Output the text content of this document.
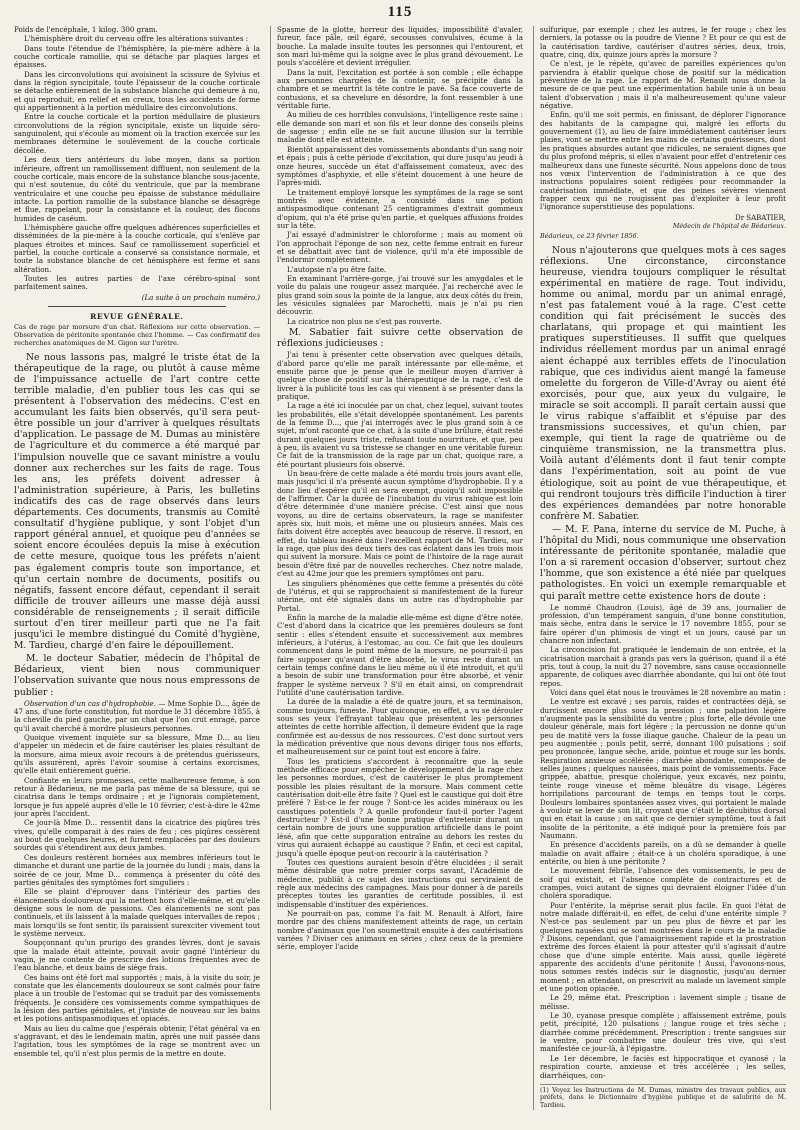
115

Poids de l'encéphale, 1 kilog. 300 gram.

L'hémisphère droit du cerveau offre les altérations suivantes :

Dans toute l'étendue de l'hémisphère, la pie-mère adhère à la couche corticale ramollie, qui se détache par plaques larges et épaisses.

Dans les circonvolutions qui avoisinent la scissure de Sylvius et dans la région syncipitale, toute l'épaisseur de la couche corticale se détache entièrement de la substance blanche qui demeure à nu, et qui reproduit, en relief et en creux, tous les accidents de forme qui appartiennent à la portion médullaire des circonvolutions.

Entre la couche corticale et la portion médullaire de plusieurs circonvolutions de la région syncipitale, existe un liquide séro-sanguinolent, qui s'écoule au moment où la traction exercée sur les membranes détermine le soulèvement de la couche corticale décollée.

Les deux tiers antérieurs du lobe moyen, dans sa portion inférieure, offrent un ramollissement diffluent, non seulement de la couche corticale, mais encore de la substance blanche sous-jacente, qui n'est soutenue, du côté du ventricule, que par la membrane ventriculaire et une couche peu épaisse de substance médullaire intacte. La portion ramollie de la substance blanche se désagrège et flue, rappelant, pour la consistance et la couleur, des flocons humides de caséum.

L'hémisphère gauche offre quelques adhérences superficielles et disséminées de la pie-mère à la couche corticale, qui s'enlève par plaques étroites et minces. Sauf ce ramollissement superficiel et partiel, la couche corticale a conservé sa consistance normale, et toute la substance blanche de cet hémisphère est ferme et sans altération.

Toutes les autres parties de l'axe cérébro-spinal sont parfaitement saines.

(La suite à un prochain numéro.)
REVUE GÉNÉRALE.

Cas de rage par morsure d'un chat. Réflexions sur cette observation. — Observation de péritonite spontanée chez l'homme. — Cas confirmatif des recherches anatomiques de M. Gigon sur l'urètre.

Ne nous lassons pas, malgré le triste état de la thérapeutique de la rage, ou plutôt à cause même de l'impuissance actuelle de l'art contre cette terrible maladie, d'en publier tous les cas qui se présentent à l'observation des médecins. C'est en accumulant les faits bien observés, qu'il sera peut-être possible un jour d'arriver à quelques résultats d'application. Le passage de M. Dumas au ministère de l'agriculture et du commerce a été marqué par l'impulsion nouvelle que ce savant ministre a voulu donner aux recherches sur les faits de rage. Tous les ans, les préfets doivent adresser à l'administration supérieure, à Paris, les bulletins indicatifs des cas de rage observés dans leurs départements. Ces documents, transmis au Comité consultatif d'hygiène publique, y sont l'objet d'un rapport général annuel, et quoique peu d'années se soient encore écoulées depuis la mise à exécution de cette mesure, quoique tous les préfets n'aient pas également compris toute son importance, et qu'un certain nombre de documents, positifs ou négatifs, fassent encore défaut, cependant il serait difficile de trouver ailleurs une masse déjà aussi considérable de renseignements ; il serait difficile surtout d'en tirer meilleur parti que ne l'a fait jusqu'ici le membre distingué du Comité d'hygiène, M. Tardieu, chargé d'en faire le dépouillement.

M. le docteur Sabatier, médecin de l'hôpital de Bédarieux, vient bien nous communiquer l'observation suivante que nous nous empressons de publier :

Observation d'un cas d'hydrophobie. — Mme Sophie D..., âgée de 47 ans, d'une forte constitution, fut mordue le 31 décembre 1855, à la cheville du pied gauche, par un chat que l'on crut enragé, parce qu'il avait cherché à mordre plusieurs personnes.

Quoique vivement inquiète sur sa blessure, Mme D... au lieu d'appeler un médecin et de faire cautériser les plaies résultant de la morsure, aima mieux avoir recours à de prétendus guérisseurs, qu'ils assurèrent, après l'avoir soumise à certains exorcismes, qu'elle était entièrement guérie.

Confiante en leurs promesses, cette malheureuse femme, à son retour à Bédarieux, ne me parla pas même de sa blessure, qui se cicatrisa dans le temps ordinaire ; et je l'ignorais complètement, lorsque je fus appelé auprès d'elle le 10 février, c'est-à-dire le 42me jour après l'accident.

Ce jour-là Mme D... ressentit dans la cicatrice des piqûres très vives, qu'elle comparait à des raies de feu ; ces piqûres cessèrent au bout de quelques heures, et furent remplacées par des douleurs sourdes qui s'étendirent aux deux jambes.

Ces douleurs restèrent bornées aux membres inférieurs tout le dimanche et durant une partie de la journée du lundi ; mais, dans la soirée de ce jour, Mme D... commença à présenter du côté des parties génitales des symptômes fort singuliers :

Elle se plaint d'éprouver dans l'intérieur des parties des élancements douloureux qui la mettent hors d'elle-même, et qu'elle désigne sous le nom de passions. Ces élancements ne sont pas continuels, et ils laissent à la malade quelques intervalles de repos ; mais lorsqu'ils se font sentir, ils paraissent surexciter vivement tout le système nerveux.

Soupçonnant qu'un prurigo des grandes lèvres, dont je savais que la malade était atteinte, pouvait avoir gagné l'intérieur du vagin, je me contente de prescrire des lotions fréquentes avec de l'eau blanche, et deux bains de siège frais.

Ces bains ont été fort mal supportés ; mais, à la visite du soir, je constate que les élancements douloureux se sont calmés pour faire place à un trouble de l'estomac qui se traduit par des vomissements fréquents. Je considère ces vomissements comme sympathiques de la lésion des parties génitales, et j'insiste de nouveau sur les bains et les potions antispasmodiques et opiacés.

Mais au lieu du calme que j'espérais obtenir, l'état général va en s'aggravant, et dès le lendemain matin, après une nuit passée dans l'agitation, tous les symptômes de la rage se montrent avec un ensemble tel, qu'il n'est plus permis de la mettre en doute.

Spasme de la glotte, horreur des liquides, impossibilité d'avaler, fureur, face pâle, œil égaré, secousses convulsives, écume à la bouche. La malade insulte toutes les personnes qui l'entourent, et son mari lui-même qui la soigne avec le plus grand dévouement. Le pouls s'accélère et devient irrégulier.

Dans la nuit, l'excitation est portée à son comble ; elle échappe aux personnes chargées de la contenir, se précipite dans la chambre et se meurtrit la tête contre le pavé. Sa face couverte de contusions, et sa chevelure en désordre, la font ressembler à une véritable furie.

Au milieu de ces horribles convulsions, l'intelligence reste saine : elle demande son mari et son fils et leur donne des conseils pleins de sagesse ; enfin elle ne se fait aucune illusion sur la terrible maladie dont elle est atteinte.

Bientôt apparaissent des vomissements abondants d'un sang noir et épais ; puis à cette période d'excitation, qui dure jusqu'au jeudi à onze heures, succède un état d'affaissement comateux, avec des symptômes d'asphyxie, et elle s'éteint doucement à une heure de l'après-midi.

Le traitement employé lorsque les symptômes de la rage se sont montrés avec évidence, a consisté dans une potion antispasmodique contenant 25 centigrammes d'extrait gommeux d'opium, qui n'a été prise qu'en partie, et quelques affusions froides sur la tête.

J'ai essayé d'administrer le chloroforme ; mais au moment où l'on approchait l'éponge de son nez, cette femme entrait en fureur et se débattait avec tant de violence, qu'il m'a été impossible de l'endormir complètement.

L'autopsie n'a pu être faite.

En examinant l'arrière-gorge, j'ai trouvé sur les amygdales et le voile du palais une rougeur assez marquée. J'ai recherché avec le plus grand soin sous la pointe de la langue, aux deux côtés du frein, les vésicules signalées par Marochetti, mais je n'ai pu rien découvrir.

La cicatrice non plus ne s'est pas rouverte.

M. Sabatier fait suivre cette observation de réflexions judicieuses :

J'ai tenu à présenter cette observation avec quelques détails, d'abord parce qu'elle me paraît intéressante par elle-même, et ensuite parce que je pense que le meilleur moyen d'arriver à quelque chose de positif sur la thérapeutique de la rage, c'est de livrer à la publicité tous les cas qui viennent à se présenter dans la pratique.

La rage a été ici inoculée par un chat, chez lequel, suivant toutes les probabilités, elle s'était développée spontanément. Les parents de la femme D..., que j'ai interrogés avec le plus grand soin à ce sujet, m'ont raconté que ce chat, à la suite d'une brûlure, était resté durant quelques jours triste, refusant toute nourriture, et que, peu à peu, ils avaient vu sa tristesse se changer en une véritable fureur. Ce fait de la transmission de la rage par un chat, quoique rare, a été pourtant plusieurs fois observé.

Un beau-frère de cette malade a été mordu trois jours avant elle, mais jusqu'ici il n'a présenté aucun symptôme d'hydrophobie. Il y a donc lieu d'espérer qu'il en sera exempt, quoiqu'il soit impossible de l'affirmer. Car la durée de l'incubation du virus rabique est loin d'être déterminée d'une manière précise. C'est ainsi que nous voyons, au dire de certains observateurs, la rage se manifester après six, huit mois, et même une ou plusieurs années. Mais ces faits doivent être acceptés avec beaucoup de réserve. Il ressort, en effet, du tableau inséré dans l'excellent rapport de M. Tardieu, sur la rage, que plus des deux tiers des cas éclatent dans les trois mois qui suivent la morsure. Mais ce point de l'histoire de la rage aurait besoin d'être fixé par de nouvelles recherches. Chez notre malade, c'est au 42me jour que les premiers symptômes ont paru.

Les singuliers phénomènes que cette femme a présentés du côté de l'utérus, et qui se rapprochaient si manifestement de la fureur utérine, ont été signalés dans un autre cas d'hydrophobie par Portal.

Enfin la marche de la maladie elle-même est digne d'être notée. C'est d'abord dans la cicatrice que les premières douleurs se font sentir : elles s'étendent ensuite et successivement aux membres inférieurs, à l'utérus, à l'estomac, au cou. Ce fait que les douleurs commencent dans le point même de la morsure, ne pourrait-il pas faire supposer qu'avant d'être absorbé, le virus reste durant un certain temps confiné dans le lieu même où il été introduit, et qu'il a besoin de subir une transformation pour être absorbé, et venir frapper le système nerveux ? S'il en était ainsi, on comprendrait l'utilité d'une cautérisation tardive.

La durée de la maladie a été de quatre jours, et sa terminaison, comme toujours, funeste. Pour quiconque, en effet, a vu se dérouler sous ses yeux l'effrayant tableau que présentent les personnes atteintes de cette horrible affection, il demeure évident que la rage confirmée est au-dessus de nos ressources. C'est donc surtout vers la médication préventive que nous devons diriger tous nos efforts, et malheureusement sur ce point tout est encore à faire.

Tous les praticiens s'accordent à reconnaître que la seule méthode efficace pour empêcher le développement de la rage chez les personnes mordues, c'est de cautériser le plus promptement possible les plaies résultant de la morsure. Mais comment cette cautérisation doit-elle être faite ? Quel est le caustique qui doit être préféré ? Est-ce le fer rouge ? Sont-ce les acides minéraux ou les caustiques potentiels ? A quelle profondeur faut-il porter l'agent destructeur ? Est-il d'une bonne pratique d'entretenir durant un certain nombre de jours une suppuration artificielle dans le point lésé, afin que cette suppuration entraîne au dehors les restes du virus qui auraient échappé au caustique ? Enfin, et ceci est capital, jusqu'à quelle époque peut-on recourir à la cautérisation ?

Toutes ces questions auraient besoin d'être élucidées ; il serait même désirable que notre premier corps savant, l'Académie de médecine, publiât à ce sujet des instructions qui serviraient de règle aux médecins des campagnes. Mais pour donner à de pareils préceptes toutes les garanties de certitude possibles, il est indispensable d'instituer des expériences.

Ne pourrait-on pas, comme l'a fait M. Renault à Alfort, faire mordre par des chiens manifestement atteints de rage, un certain nombre d'animaux que l'on soumettrait ensuite à des cautérisations variées ? Diviser ces animaux en séries ; chez ceux de la première série, employer l'acide

sulfurique, par exemple ; chez les autres, le fer rouge ; chez les derniers, la potasse ou la poudre de Vienne ? Et pour ce qui est de la cautérisation tardive, cautériser d'autres séries, deux, trois, quatre, cinq, dix, quinze jours après la morsure ?

Ce n'est, je le répète, qu'avec de pareilles expériences qu'on parviendra à établir quelque chose de positif sur la médication préventive de la rage. Le rapport de M. Renault nous donne la mesure de ce que peut une expérimentation habile unie à un beau talent d'observation ; mais il n'a malheureusement qu'une valeur négative.

Enfin, qu'il me soit permis, en finissant, de déplorer l'ignorance des habitants de la campagne qui, malgré les efforts du gouvernement (1), au lieu de faire immédiatement cautériser leurs plaies, vont se mettre entre les mains de certains guérisseurs, dont les pratiques absurdes autant que ridicules, ne seraient dignes que du plus profond mépris, si elles n'avaient pour effet d'entretenir ces malheureux dans une funeste sécurité. Nous appelons donc de tous nos vœux l'intervention de l'administration à ce que des instructions populaires soient rédigées pour recommander la cautérisation immédiate, et que des peines sévères viennent frapper ceux qui ne rougissent pas d'exploiter à leur profit l'ignorance superstitieuse des populations.

Dr SABATIER,
Médecin de l'hôpital de Bédarieux.
Bédarieux, ce 23 février 1856.

Nous n'ajouterons que quelques mots à ces sages réflexions. Une circonstance, circonstance heureuse, viendra toujours compliquer le résultat expérimental en matière de rage. Tout individu, homme ou animal, mordu par un animal enragé, n'est pas fatalement voué à la rage. C'est cette condition qui fait précisément le succès des charlatans, qui propage et qui maintient les pratiques superstitieuses. Il suffit que quelques individus réellement mordus par un animal enragé aient échappé aux terribles effets de l'inoculation rabique, que ces individus aient mangé la fameuse omelette du forgeron de Ville-d'Avray ou aient été exorcisés, pour que, aux yeux du vulgaire, le miracle se soit accompli. Il paraît certain aussi que le virus rabique s'affaiblit et s'épuise par des transmissions successives, et qu'un chien, par exemple, qui tient la rage de quatrième ou de cinquième transmission, ne la transmettra plus. Voilà autant d'éléments dont il faut tenir compte dans l'expérimentation, soit au point de vue étiologique, soit au point de vue thérapeutique, et qui rendront toujours très difficile l'induction à tirer des expériences demandées par notre honorable confrère M. Sabatier.

— M. F. Pana, interne du service de M. Puche, à l'hôpital du Midi, nous communique une observation intéressante de péritonite spontanée, maladie que l'on a si rarement occasion d'observer, surtout chez l'homme, que son existence a été niée par quelques pathologistes. En voici un exemple remarquable et qui paraît mettre cette existence hors de doute :

Le nommé Chaudron (Louis), âgé de 39 ans, journalier de profession, d'un tempérament sanguin, d'une bonne constitution, mais sèche, entra dans le service le 17 novembre 1855, pour se faire opérer d'un phimosis de vingt et un jours, causé par un chancre non infectant.

La circoncision fut pratiquée le lendemain de son entrée, et la cicatrisation marchait à grands pas vers la guérison, quand il a été pris, tout à coup, la nuit du 27 novembre, sans cause occasionnelle apparente, de coliques avec diarrhée abondante, qui lui ont ôté tout repos.

Voici dans quel état nous le trouvâmes le 28 novembre au matin :

Le ventre est excavé ; ses parois, raides et contractées déjà, se durcissent encore plus sous la pression ; une palpation légère n'augmente pas la sensibilité du ventre ; plus forte, elle dévoile une douleur générale, mais fort légère ; la percussion ne donne qu'un peu de matité vers la fosse iliaque gauche. Chaleur de la peau un peu augmentée ; pouls petit, serré, donnant 100 pulsations ; soif peu prononcée, langue sèche, aride, pointue et rouge sur les bords. Respiration anxieuse accélérée ; diarrhée abondante, composée de selles jaunes ; quelques nausées, mais point de vomissements. Face grippée, abattue, presque cholérique, yeux excavés, nez pointu, teinte rouge vineuse et même bleuâtre du visage. Légères horripilations parcourant de temps en temps tout le corps. Douleurs lombaires spontanées assez vives, qui portaient le malade à vouloir se lever de son lit, croyant que c'était le décubitus dorsal qui en était la cause ; on sait que ce dernier symptôme, tout à fait insolite de la péritonite, a été indiqué pour la première fois par Naumann.

En présence d'accidents pareils, on a dû se demander à quelle maladie on avait affaire ; était-ce à un choléra sporadique, à une entérite, ou bien à une péritonite ?

Le mouvement fébrile, l'absence des vomissements, le peu de soif qui existait, et l'absence complète de contractures et de crampes, voici autant de signes qui devraient éloigner l'idée d'un choléra sporadique.

Pour l'entérite, la méprise serait plus facile. En quoi l'état de notre malade différait-il, en effet, de celui d'une entérite simple ? N'est-ce pas seulement par un peu plus de fièvre et par les quelques nausées qui se sont montrées dans le cours de la maladie ? Disons, cependant, que l'amaigrissement rapide et la prostration extrême des forces étaient là pour attester qu'il s'agissait d'autre chose que d'une simple entérite. Mais aussi, quelle légèreté apparente des accidents d'une péritonite ! Aussi, l'avouons-nous, nous sommes restés indécis sur le diagnostic, jusqu'au dernier moment ; en attendant, on prescrivit au malade un lavement simple et une potion opiacée.

Le 29, même état. Prescription : lavement simple ; tisane de mélisse.

Le 30, cyanose presque complète ; affaissement extrême, pouls petit, précipité, 120 pulsations ; langue rouge et très sèche ; diarrhée comme précédemment. Prescription : trente sangsues sur le ventre, pour combattre une douleur très vive, qui s'est manifestée ce jour-là, à l'épigastre.

Le 1er décembre, le faciès est hippocratique et cyanosé ; la respiration courte, anxieuse et très accélérée ; les selles, diarrhéiques, con-

(1) Voyez les Instructions de M. Dumas, ministre des travaux publics, aux préfets, dans le Dictionnaire d'hygiène publique et de salubrité de M. Tardieu.
